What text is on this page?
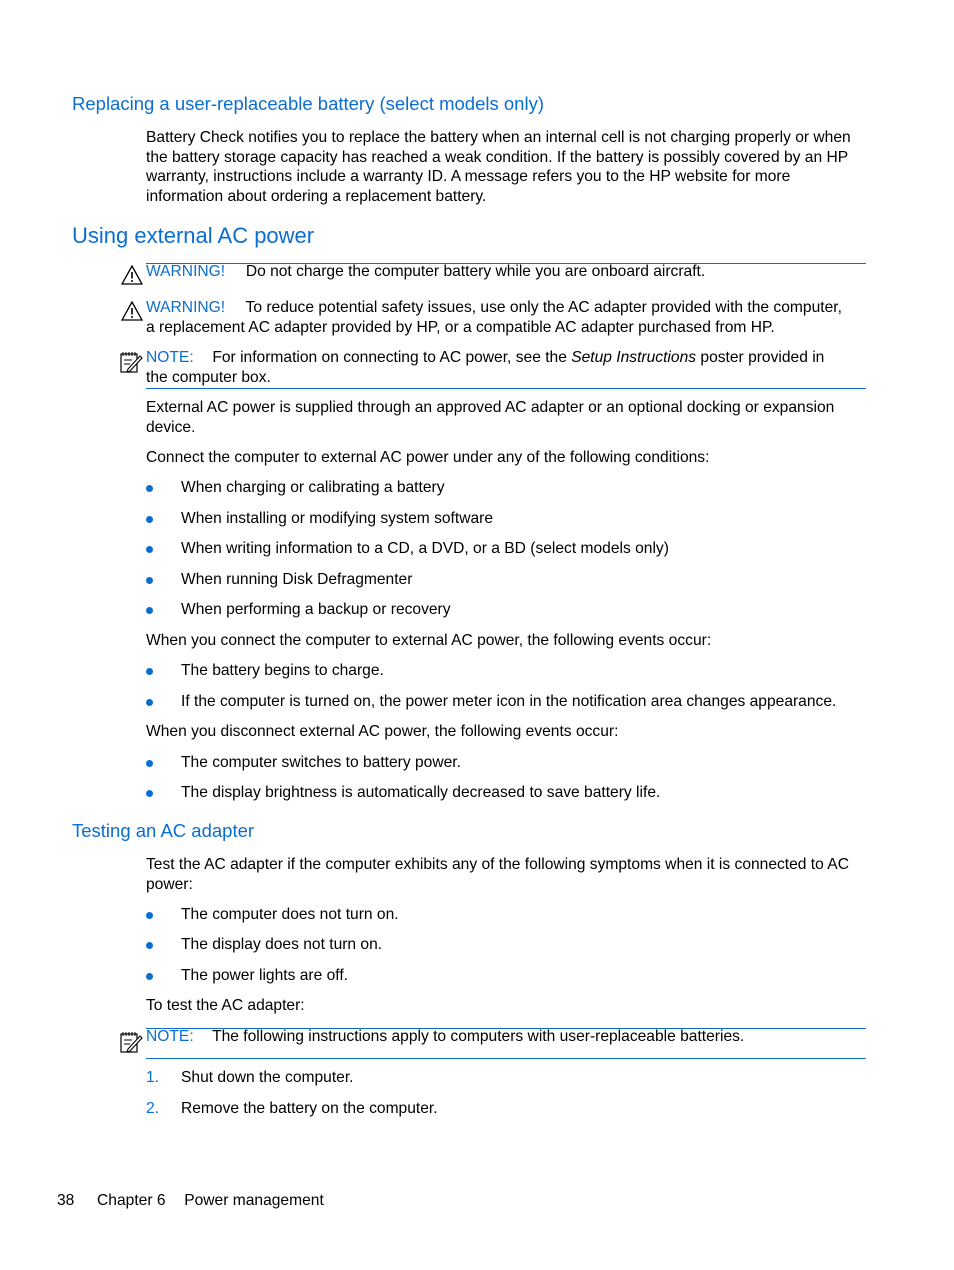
Replacing a user-replaceable battery (select models only)
Battery Check notifies you to replace the battery when an internal cell is not charging properly or when the battery storage capacity has reached a weak condition. If the battery is possibly covered by an HP warranty, instructions include a warranty ID. A message refers you to the HP website for more information about ordering a replacement battery.
Using external AC power
WARNING! Do not charge the computer battery while you are onboard aircraft.
WARNING! To reduce potential safety issues, use only the AC adapter provided with the computer,
a replacement AC adapter provided by HP, or a compatible AC adapter purchased from HP.
NOTE: For information on connecting to AC power, see the Setup Instructions poster provided in
the computer box.
External AC power is supplied through an approved AC adapter or an optional docking or expansion device.
Connect the computer to external AC power under any of the following conditions:
When charging or calibrating a battery
When installing or modifying system software
When writing information to a CD, a DVD, or a BD (select models only)
When running Disk Defragmenter
When performing a backup or recovery
When you connect the computer to external AC power, the following events occur:
The battery begins to charge.
If the computer is turned on, the power meter icon in the notification area changes appearance.
When you disconnect external AC power, the following events occur:
The computer switches to battery power.
The display brightness is automatically decreased to save battery life.
Testing an AC adapter
Test the AC adapter if the computer exhibits any of the following symptoms when it is connected to AC power:
The computer does not turn on.
The display does not turn on.
The power lights are off.
To test the AC adapter:
NOTE: The following instructions apply to computers with user-replaceable batteries.
1. Shut down the computer.
2. Remove the battery on the computer.
38 Chapter 6 Power management
